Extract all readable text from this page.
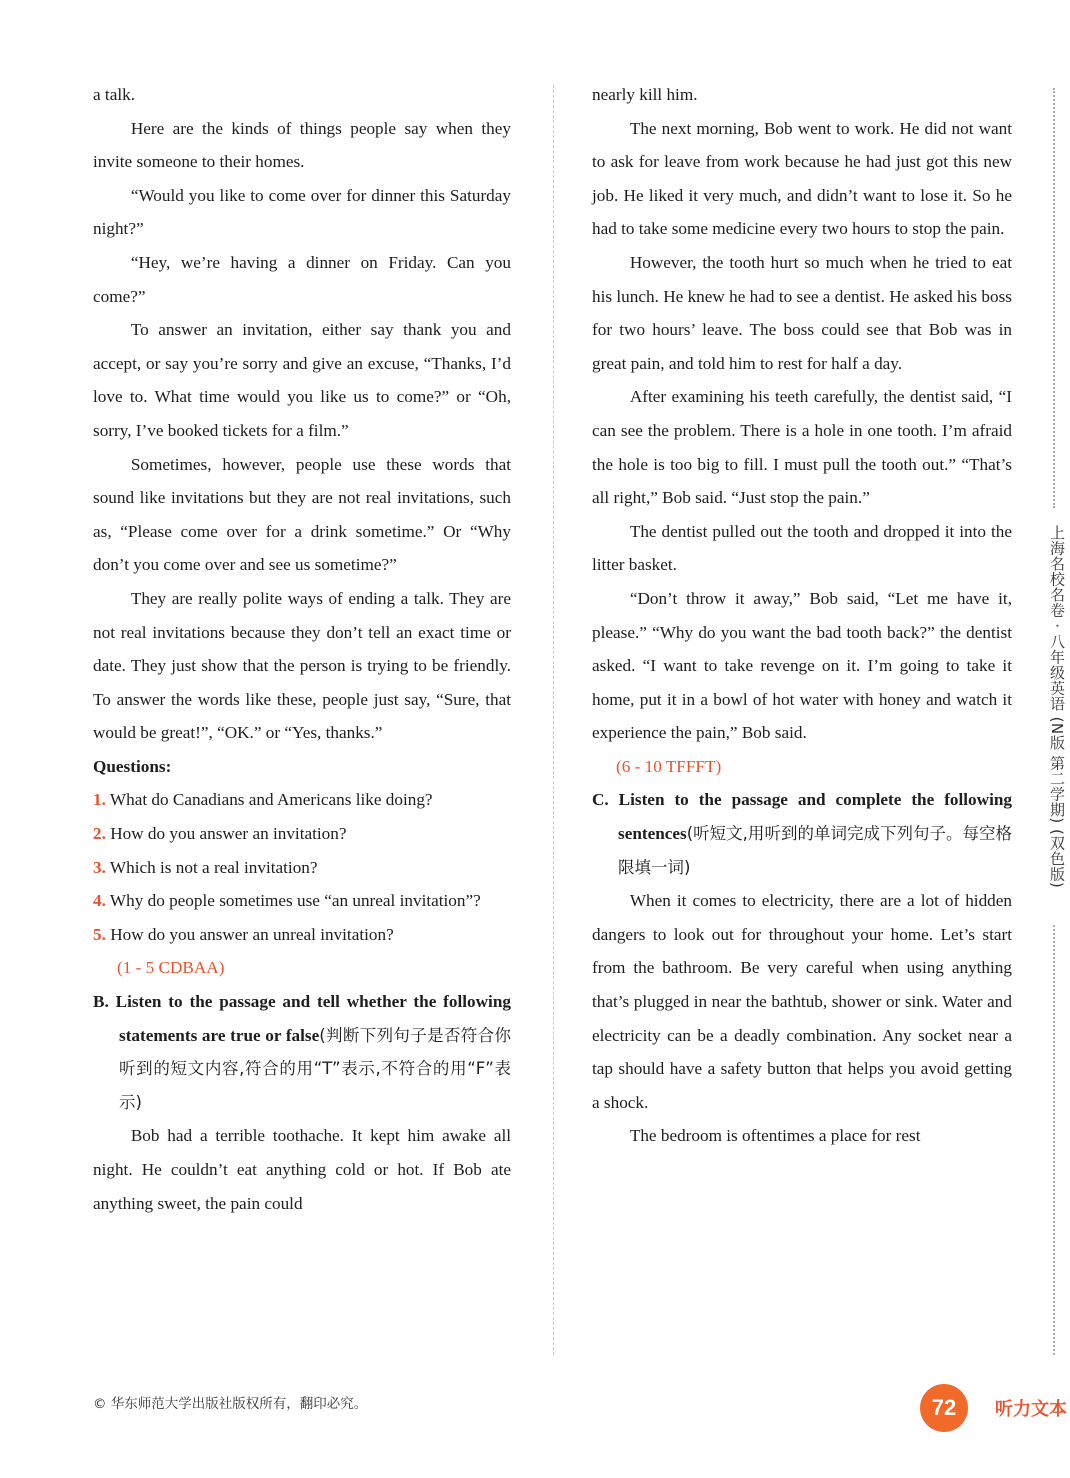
a talk.

Here are the kinds of things people say when they invite someone to their homes.

“Would you like to come over for dinner this Saturday night?”

“Hey, we’re having a dinner on Friday. Can you come?”

To answer an invitation, either say thank you and accept, or say you’re sorry and give an excuse, “Thanks, I’d love to. What time would you like us to come?” or “Oh, sorry, I’ve booked tickets for a film.”

Sometimes, however, people use these words that sound like invitations but they are not real invitations, such as, “Please come over for a drink sometime.” Or “Why don’t you come over and see us sometime?”

They are really polite ways of ending a talk. They are not real invitations because they don’t tell an exact time or date. They just show that the person is trying to be friendly. To answer the words like these, people just say, “Sure, that would be great!”, “OK.” or “Yes, thanks.”

Questions:

1. What do Canadians and Americans like doing?

2. How do you answer an invitation?

3. Which is not a real invitation?

4. Why do people sometimes use “an unreal invitation”?

5. How do you answer an unreal invitation?

(1 - 5 CDBAA)

B. Listen to the passage and tell whether the following statements are true or false(判断下列句子是否符合你听到的短文内容,符合的用“T”表示,不符合的用“F”表示)

Bob had a terrible toothache. It kept him awake all night. He couldn’t eat anything cold or hot. If Bob ate anything sweet, the pain could

nearly kill him.

The next morning, Bob went to work. He did not want to ask for leave from work because he had just got this new job. He liked it very much, and didn’t want to lose it. So he had to take some medicine every two hours to stop the pain.

However, the tooth hurt so much when he tried to eat his lunch. He knew he had to see a dentist. He asked his boss for two hours’ leave. The boss could see that Bob was in great pain, and told him to rest for half a day.

After examining his teeth carefully, the dentist said, “I can see the problem. There is a hole in one tooth. I’m afraid the hole is too big to fill. I must pull the tooth out.” “That’s all right,” Bob said. “Just stop the pain.”

The dentist pulled out the tooth and dropped it into the litter basket.

“Don’t throw it away,” Bob said, “Let me have it, please.” “Why do you want the bad tooth back?” the dentist asked. “I want to take revenge on it. I’m going to take it home, put it in a bowl of hot water with honey and watch it experience the pain,” Bob said.

(6 - 10 TFFFT)

C. Listen to the passage and complete the following sentences(听短文,用听到的单词完成下列句子。每空格限填一词)

When it comes to electricity, there are a lot of hidden dangers to look out for throughout your home. Let’s start from the bathroom. Be very careful when using anything that’s plugged in near the bathtub, shower or sink. Water and electricity can be a deadly combination. Any socket near a tap should have a safety button that helps you avoid getting a shock.

The bedroom is oftentimes a place for rest

上海名校名卷 · 八年级英语 (N版 第二学期) (双色版)
© 华东师范大学出版社版权所有，翻印必究。	72	听力文本
